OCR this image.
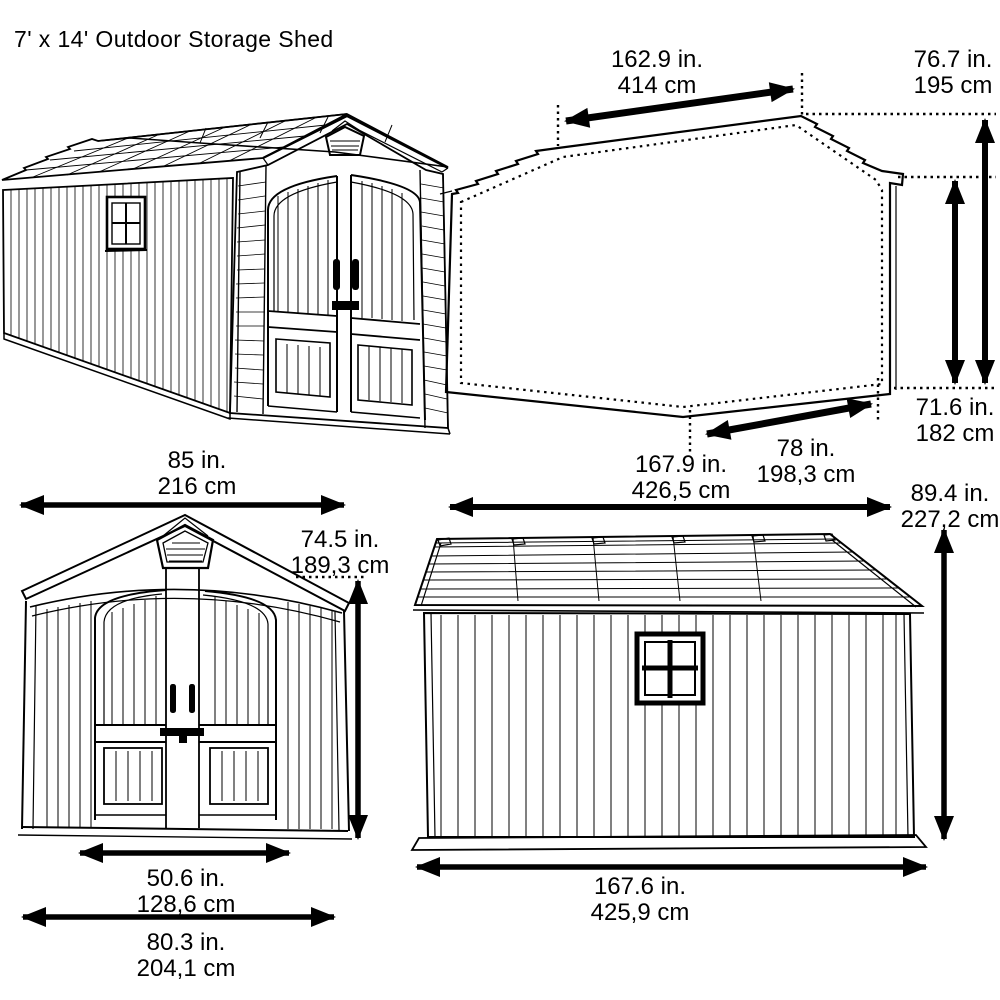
7' x 14' Outdoor Storage Shed
162.9 in.
414 cm
76.7 in.
195 cm
71.6 in.
182 cm
78 in.
198,3 cm
167.9 in.
426,5 cm	89.4 in.
227,2 cm
85 in.
216 cm
74.5 in.
189,3 cm
50.6 in.
128,6 cm
80.3 in.
204,1 cm
167.6 in.
425,9 cm
